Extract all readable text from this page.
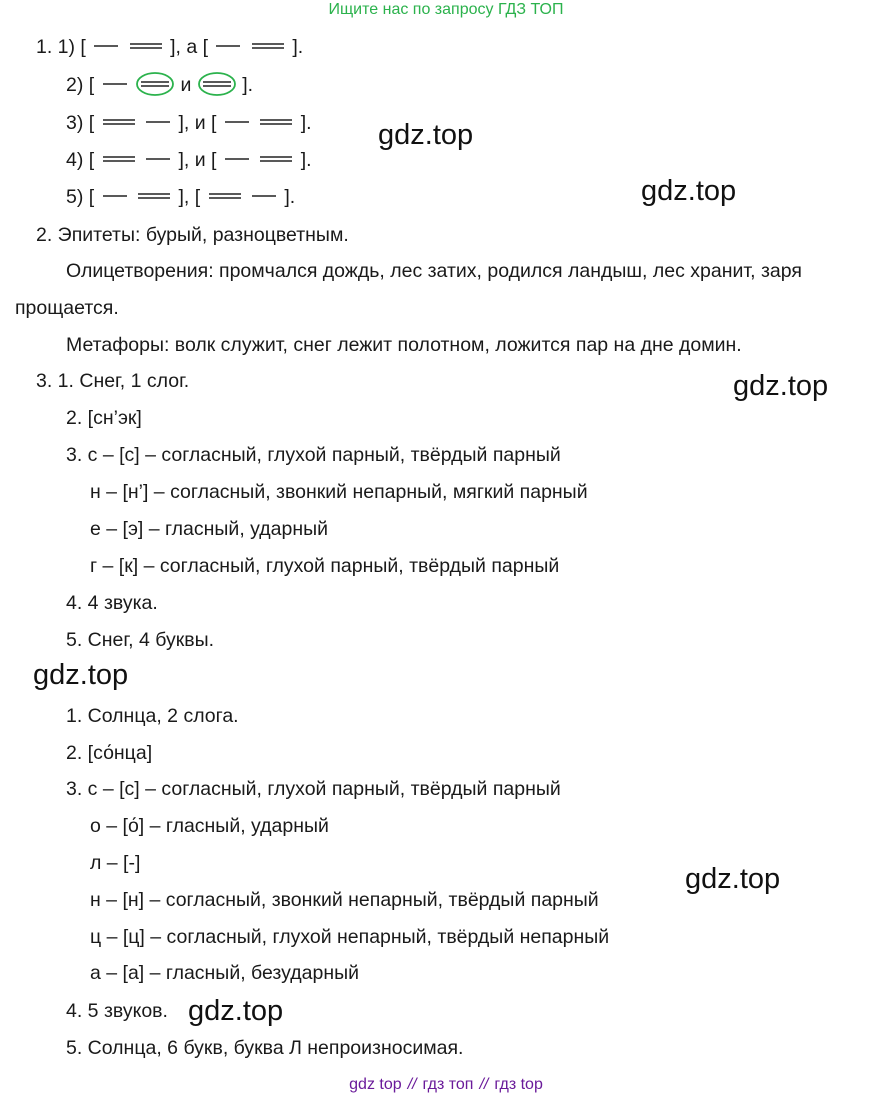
Ищите нас по запросу ГДЗ ТОП
1. 1) [	], а [	].
2) [	и	].
3) [	], и [	].
4) [	], и [	].
5) [	], [	].
2. Эпитеты: бурый, разноцветным.
Олицетворения: промчался дождь, лес затих, родился ландыш, лес хранит, заря
прощается.
Метафоры: волк служит, снег лежит полотном, ложится пар на дне домин.
3. 1. Снег, 1 слог.
2. [сн’эк]
3. с – [с] – согласный, глухой парный, твёрдый парный
н – [н’] – согласный, звонкий непарный, мягкий парный
е – [э] – гласный, ударный
г – [к] – согласный, глухой парный, твёрдый парный
4. 4 звука.
5. Снег, 4 буквы.
1. Солнца, 2 слога.
2. [со́нца]
3. с – [с] – согласный, глухой парный, твёрдый парный
о – [о́] – гласный, ударный
л – [-]
н – [н] – согласный, звонкий непарный, твёрдый парный
ц – [ц] – согласный, глухой непарный, твёрдый непарный
а – [а] – гласный, безударный
4. 5 звуков.
5. Солнца, 6 букв, буква Л непроизносимая.
gdz.top
gdz.top
gdz.top
gdz.top
gdz.top
gdz.top
gdz top // гдз топ // гдз top
